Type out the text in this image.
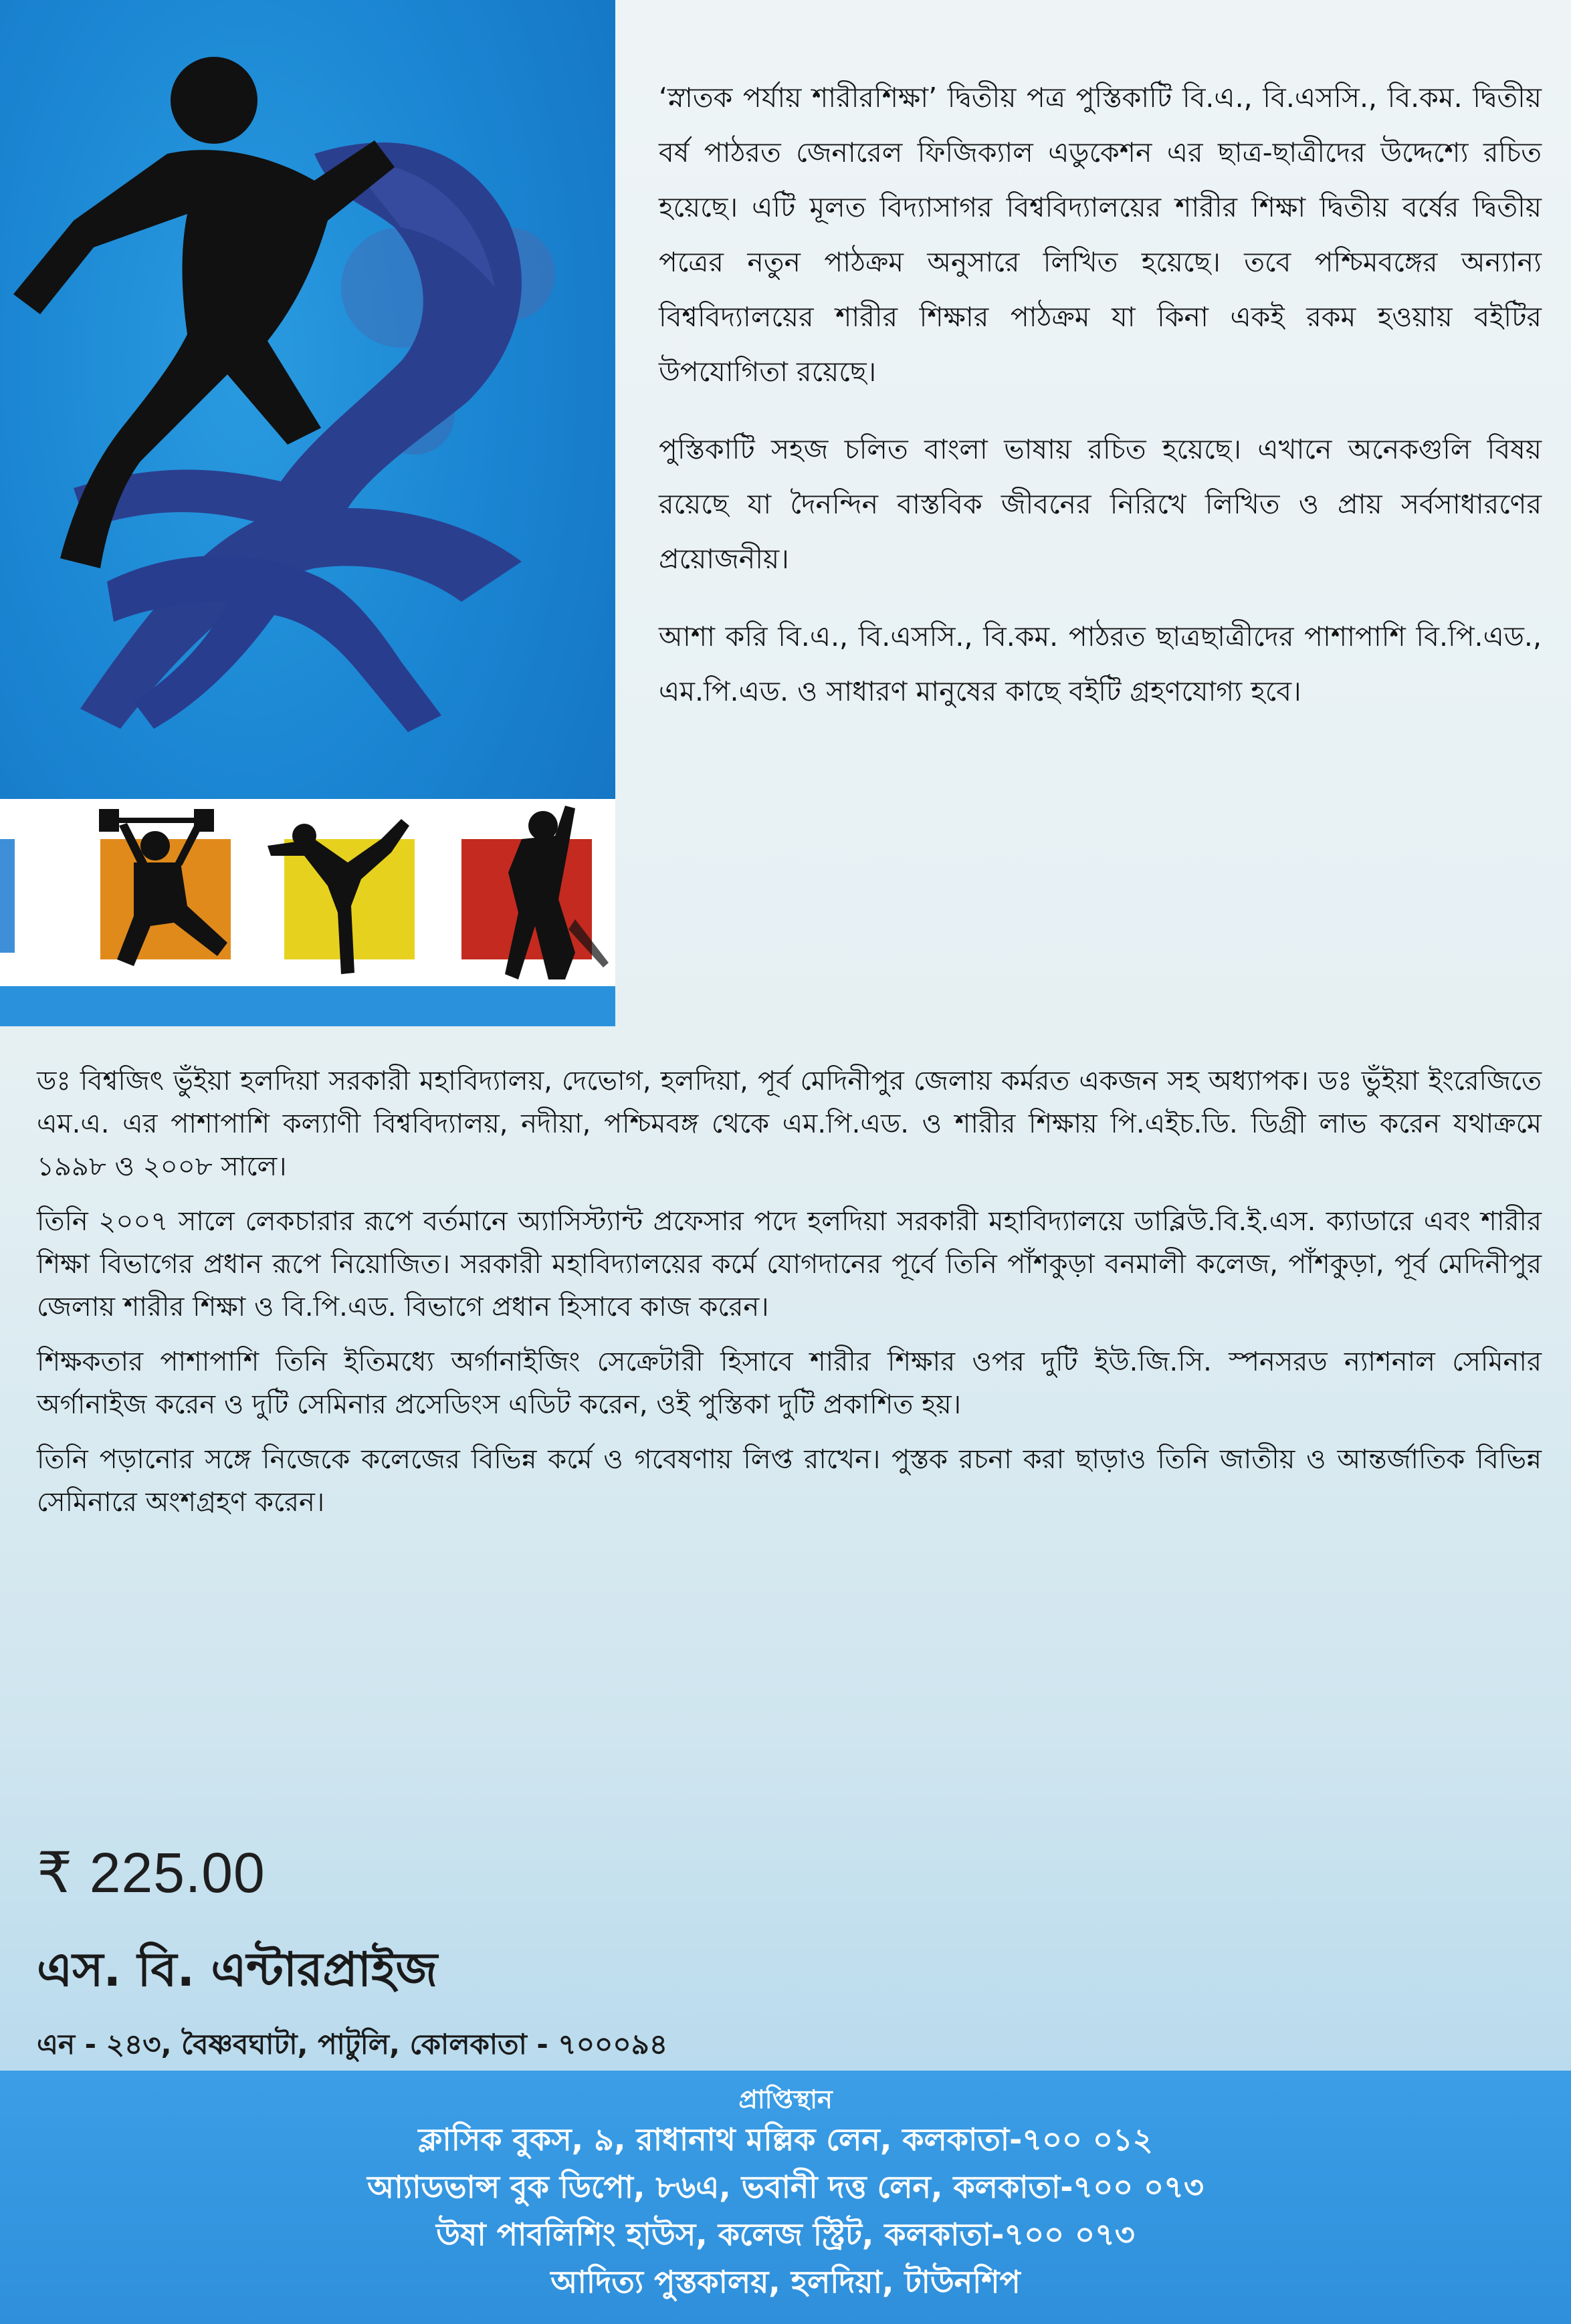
‘স্নাতক পর্যায় শারীরশিক্ষা’ দ্বিতীয় পত্র পুস্তিকাটি বি.এ., বি.এসসি., বি.কম. দ্বিতীয় বর্ষ পাঠরত জেনারেল ফিজিক্যাল এডুকেশন এর ছাত্র-ছাত্রীদের উদ্দেশ্যে রচিত হয়েছে। এটি মূলত বিদ্যাসাগর বিশ্ববিদ্যালয়ের শারীর শিক্ষা দ্বিতীয় বর্ষের দ্বিতীয় পত্রের নতুন পাঠক্রম অনুসারে লিখিত হয়েছে। তবে পশ্চিমবঙ্গের অন্যান্য বিশ্ববিদ্যালয়ের শারীর শিক্ষার পাঠক্রম যা কিনা একই রকম হওয়ায় বইটির উপযোগিতা রয়েছে।

পুস্তিকাটি সহজ চলিত বাংলা ভাষায় রচিত হয়েছে। এখানে অনেকগুলি বিষয় রয়েছে যা দৈনন্দিন বাস্তবিক জীবনের নিরিখে লিখিত ও প্রায় সর্বসাধারণের প্রয়োজনীয়।

আশা করি বি.এ., বি.এসসি., বি.কম. পাঠরত ছাত্রছাত্রীদের পাশাপাশি বি.পি.এড., এম.পি.এড. ও সাধারণ মানুষের কাছে বইটি গ্রহণযোগ্য হবে।

ডঃ বিশ্বজিৎ ভুঁইয়া হলদিয়া সরকারী মহাবিদ্যালয়, দেভোগ, হলদিয়া, পূর্ব মেদিনীপুর জেলায় কর্মরত একজন সহ অধ্যাপক। ডঃ ভুঁইয়া ইংরেজিতে এম.এ. এর পাশাপাশি কল্যাণী বিশ্ববিদ্যালয়, নদীয়া, পশ্চিমবঙ্গ থেকে এম.পি.এড. ও শারীর শিক্ষায় পি.এইচ.ডি. ডিগ্রী লাভ করেন যথাক্রমে ১৯৯৮ ও ২০০৮ সালে।

তিনি ২০০৭ সালে লেকচারার রূপে বর্তমানে অ্যাসিস্ট্যান্ট প্রফেসার পদে হলদিয়া সরকারী মহাবিদ্যালয়ে ডাব্লিউ.বি.ই.এস. ক্যাডারে এবং শারীর শিক্ষা বিভাগের প্রধান রূপে নিয়োজিত। সরকারী মহাবিদ্যালয়ের কর্মে যোগদানের পূর্বে তিনি পাঁশকুড়া বনমালী কলেজ, পাঁশকুড়া, পূর্ব মেদিনীপুর জেলায় শারীর শিক্ষা ও বি.পি.এড. বিভাগে প্রধান হিসাবে কাজ করেন।

শিক্ষকতার পাশাপাশি তিনি ইতিমধ্যে অর্গানাইজিং সেক্রেটারী হিসাবে শারীর শিক্ষার ওপর দুটি ইউ.জি.সি. স্পনসরড ন্যাশনাল সেমিনার অর্গানাইজ করেন ও দুটি সেমিনার প্রসেডিংস এডিট করেন, ওই পুস্তিকা দুটি প্রকাশিত হয়।

তিনি পড়ানোর সঙ্গে নিজেকে কলেজের বিভিন্ন কর্মে ও গবেষণায় লিপ্ত রাখেন। পুস্তক রচনা করা ছাড়াও তিনি জাতীয় ও আন্তর্জাতিক বিভিন্ন সেমিনারে অংশগ্রহণ করেন।

₹ 225.00
এস. বি. এন্টারপ্রাইজ
এন - ২৪৩, বৈষ্ণবঘাটা, পাটুলি, কোলকাতা - ৭০০০৯৪
প্রাপ্তিস্থান
ক্লাসিক বুকস, ৯, রাধানাথ মল্লিক লেন, কলকাতা-৭০০ ০১২
আ্যাডভান্স বুক ডিপো, ৮৬এ, ভবানী দত্ত লেন, কলকাতা-৭০০ ০৭৩
উষা পাবলিশিং হাউস, কলেজ স্ট্রিট, কলকাতা-৭০০ ০৭৩
আদিত্য পুস্তকালয়, হলদিয়া, টাউনশিপ
